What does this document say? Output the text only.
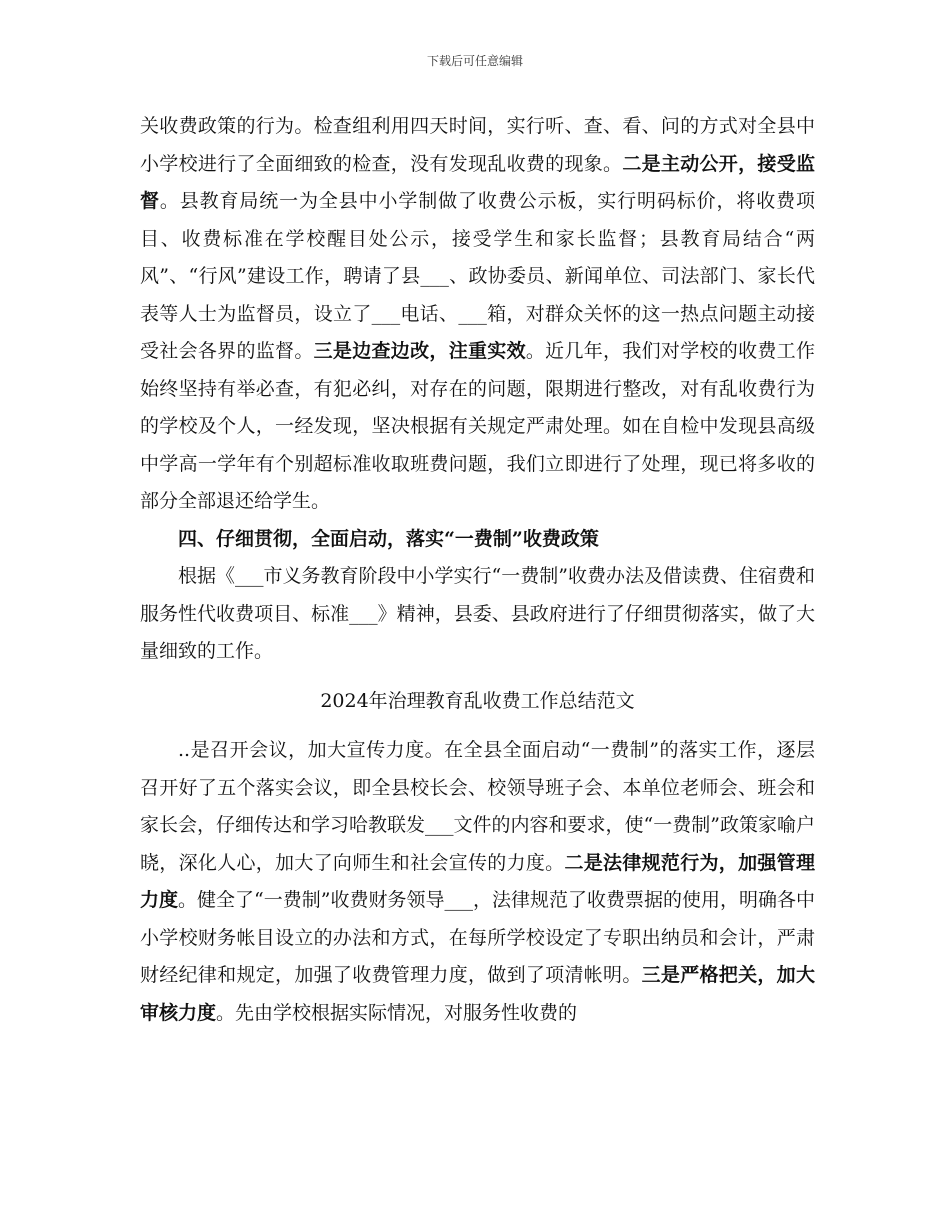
下载后可任意编辑

关收费政策的行为。检查组利用四天时间，实行听、查、看、问的方式对全县中小学校进行了全面细致的检查，没有发现乱收费的现象。二是主动公开，接受监督。县教育局统一为全县中小学制做了收费公示板，实行明码标价，将收费项目、收费标准在学校醒目处公示，接受学生和家长监督；县教育局结合“两风”、“行风”建设工作，聘请了县___、政协委员、新闻单位、司法部门、家长代表等人士为监督员，设立了___电话、___箱，对群众关怀的这一热点问题主动接受社会各界的监督。三是边查边改，注重实效。近几年，我们对学校的收费工作始终坚持有举必查，有犯必纠，对存在的问题，限期进行整改，对有乱收费行为的学校及个人，一经发现，坚决根据有关规定严肃处理。如在自检中发现县高级中学高一学年有个别超标准收取班费问题，我们立即进行了处理，现已将多收的部分全部退还给学生。

四、仔细贯彻，全面启动，落实“一费制”收费政策

根据《___市义务教育阶段中小学实行“一费制”收费办法及借读费、住宿费和服务性代收费项目、标准___》精神，县委、县政府进行了仔细贯彻落实，做了大量细致的工作。

2024年治理教育乱收费工作总结范文

..是召开会议，加大宣传力度。在全县全面启动“一费制”的落实工作，逐层召开好了五个落实会议，即全县校长会、校领导班子会、本单位老师会、班会和家长会，仔细传达和学习哈教联发___文件的内容和要求，使“一费制”政策家喻户晓，深化人心，加大了向师生和社会宣传的力度。二是法律规范行为，加强管理力度。健全了“一费制”收费财务领导___，法律规范了收费票据的使用，明确各中小学校财务帐目设立的办法和方式，在每所学校设定了专职出纳员和会计，严肃财经纪律和规定，加强了收费管理力度，做到了项清帐明。三是严格把关，加大审核力度。先由学校根据实际情况，对服务性收费的
